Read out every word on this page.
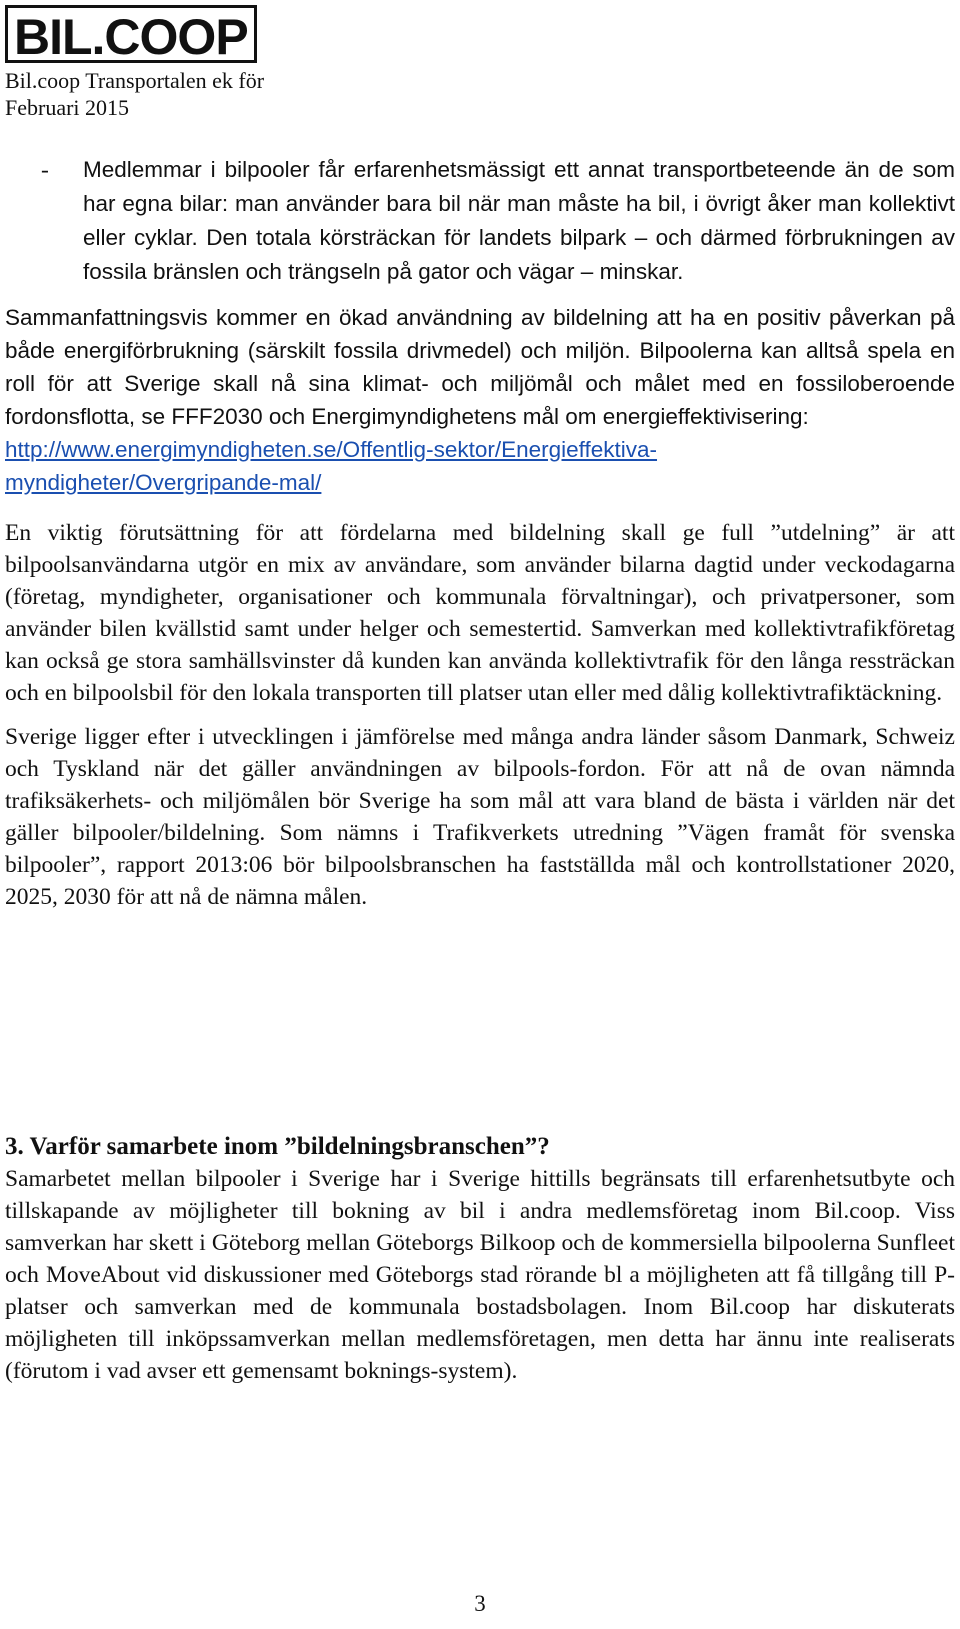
BIL.COOP
Bil.coop Transportalen ek för
Februari 2015
-	Medlemmar i bilpooler får erfarenhetsmässigt ett annat transportbeteende än de som har egna bilar: man använder bara bil när man måste ha bil, i övrigt åker man kollektivt eller cyklar. Den totala körsträckan för landets bilpark – och därmed förbrukningen av fossila bränslen och trängseln på gator och vägar – minskar.

Sammanfattningsvis kommer en ökad användning av bildelning att ha en positiv påverkan på både energiförbrukning (särskilt fossila drivmedel) och miljön. Bilpoolerna kan alltså spela en roll för att Sverige skall nå sina klimat- och miljömål och målet med en fossiloberoende fordonsflotta, se FFF2030 och Energimyndighetens mål om energieffektivisering:

http://www.energimyndigheten.se/Offentlig-sektor/Energieffektiva-
myndigheter/Overgripande-mal/

En viktig förutsättning för att fördelarna med bildelning skall ge full ”utdelning” är att bilpoolsanvändarna utgör en mix av användare, som använder bilarna dagtid under veckodagarna (företag, myndigheter, organisationer och kommunala förvaltningar), och privatpersoner, som använder bilen kvällstid samt under helger och semestertid. Samverkan med kollektivtrafikföretag kan också ge stora samhällsvinster då kunden kan använda kollektivtrafik för den långa ressträckan och en bilpoolsbil för den lokala transporten till platser utan eller med dålig kollektivtrafiktäckning.

Sverige ligger efter i utvecklingen i jämförelse med många andra länder såsom Danmark, Schweiz och Tyskland när det gäller användningen av bilpools-fordon. För att nå de ovan nämnda trafiksäkerhets- och miljömålen bör Sverige ha som mål att vara bland de bästa i världen när det gäller bilpooler/bildelning. Som nämns i Trafikverkets utredning ”Vägen framåt för svenska bilpooler”, rapport 2013:06 bör bilpoolsbranschen ha fastställda mål och kontrollstationer 2020, 2025, 2030 för att nå de nämna målen.

3. Varför samarbete inom ”bildelningsbranschen”?

Samarbetet mellan bilpooler i Sverige har i Sverige hittills begränsats till erfarenhetsutbyte och tillskapande av möjligheter till bokning av bil i andra medlemsföretag inom Bil.coop. Viss samverkan har skett i Göteborg mellan Göteborgs Bilkoop och de kommersiella bilpoolerna Sunfleet och MoveAbout vid diskussioner med Göteborgs stad rörande bl a möjligheten att få tillgång till P-platser och samverkan med de kommunala bostadsbolagen. Inom Bil.coop har diskuterats möjligheten till inköpssamverkan mellan medlemsföretagen, men detta har ännu inte realiserats (förutom i vad avser ett gemensamt boknings-system).

3
